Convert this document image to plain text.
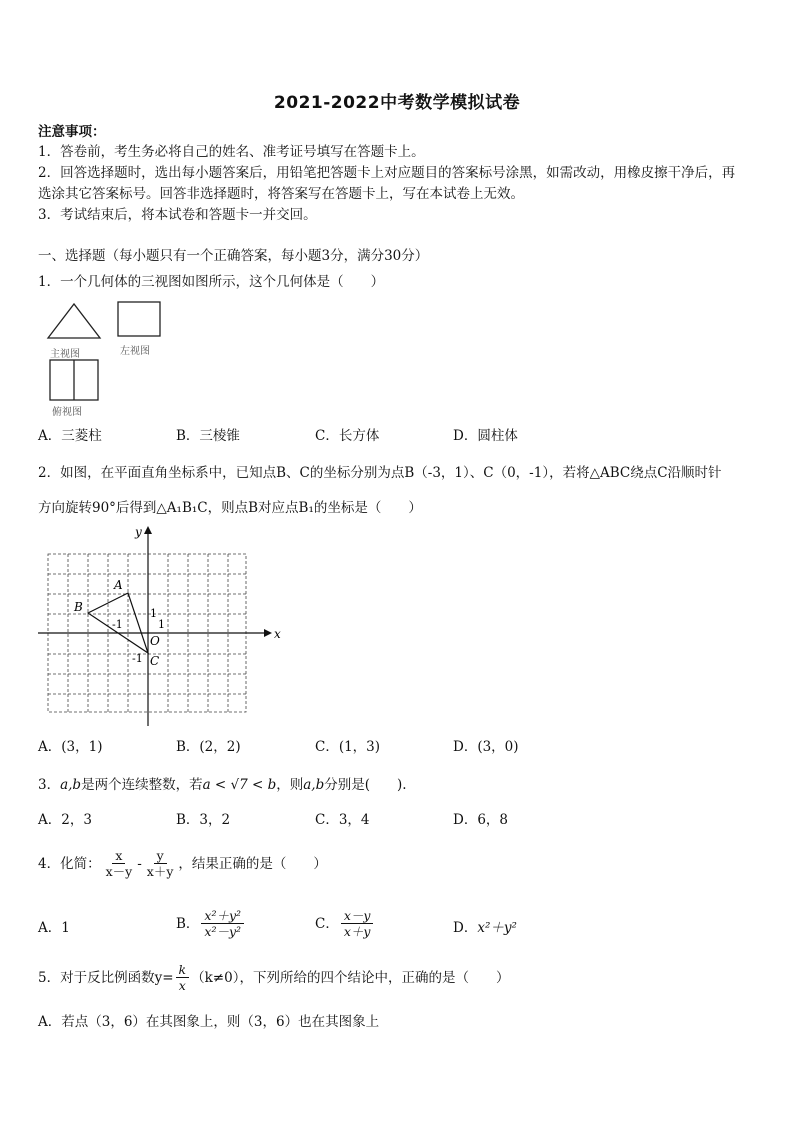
2021-2022中考数学模拟试卷
注意事项：
1．答卷前，考生务必将自己的姓名、准考证号填写在答题卡上。
2．回答选择题时，选出每小题答案后，用铅笔把答题卡上对应题目的答案标号涂黑，如需改动，用橡皮擦干净后，再
选涂其它答案标号。回答非选择题时，将答案写在答题卡上，写在本试卷上无效。
3．考试结束后，将本试卷和答题卡一并交回。
一、选择题（每小题只有一个正确答案，每小题3分，满分30分）
1．一个几何体的三视图如图所示，这个几何体是（　　）
主视图	左视图
俯视图
A．三菱柱	B．三棱锥	C．长方体	D．圆柱体
2．如图，在平面直角坐标系中，已知点B、C的坐标分别为点B（-3，1）、C（0，-1），若将△ABC绕点C沿顺时针
方向旋转90°后得到△A₁B₁C，则点B对应点B₁的坐标是（　　）
x
y
O
A
B
C
1
1
-1
-1
A．(3，1)	B．(2，2)	C．(1，3)	D．(3，0)
3．a,b是两个连续整数，若a < √7 < b，则a,b分别是(　　).
A．2，3	B．3，2	C．3，4	D．6，8
4．化简： $\frac{x}{x-y} - \frac{y}{x+y}$ ，结果正确的是（　　）
A．1	B． $\frac{\text{x²＋y²}}{\text{x²－y²}}$	C． $\frac{x-y}{x+y}$	D．x²＋y²
5．对于反比例函数$y= \frac{k}{x} (k\ne 0)$，下列所给的四个结论中，正确的是（　　）
A．若点（3，6）在其图象上，则（3，6）也在其图象上
